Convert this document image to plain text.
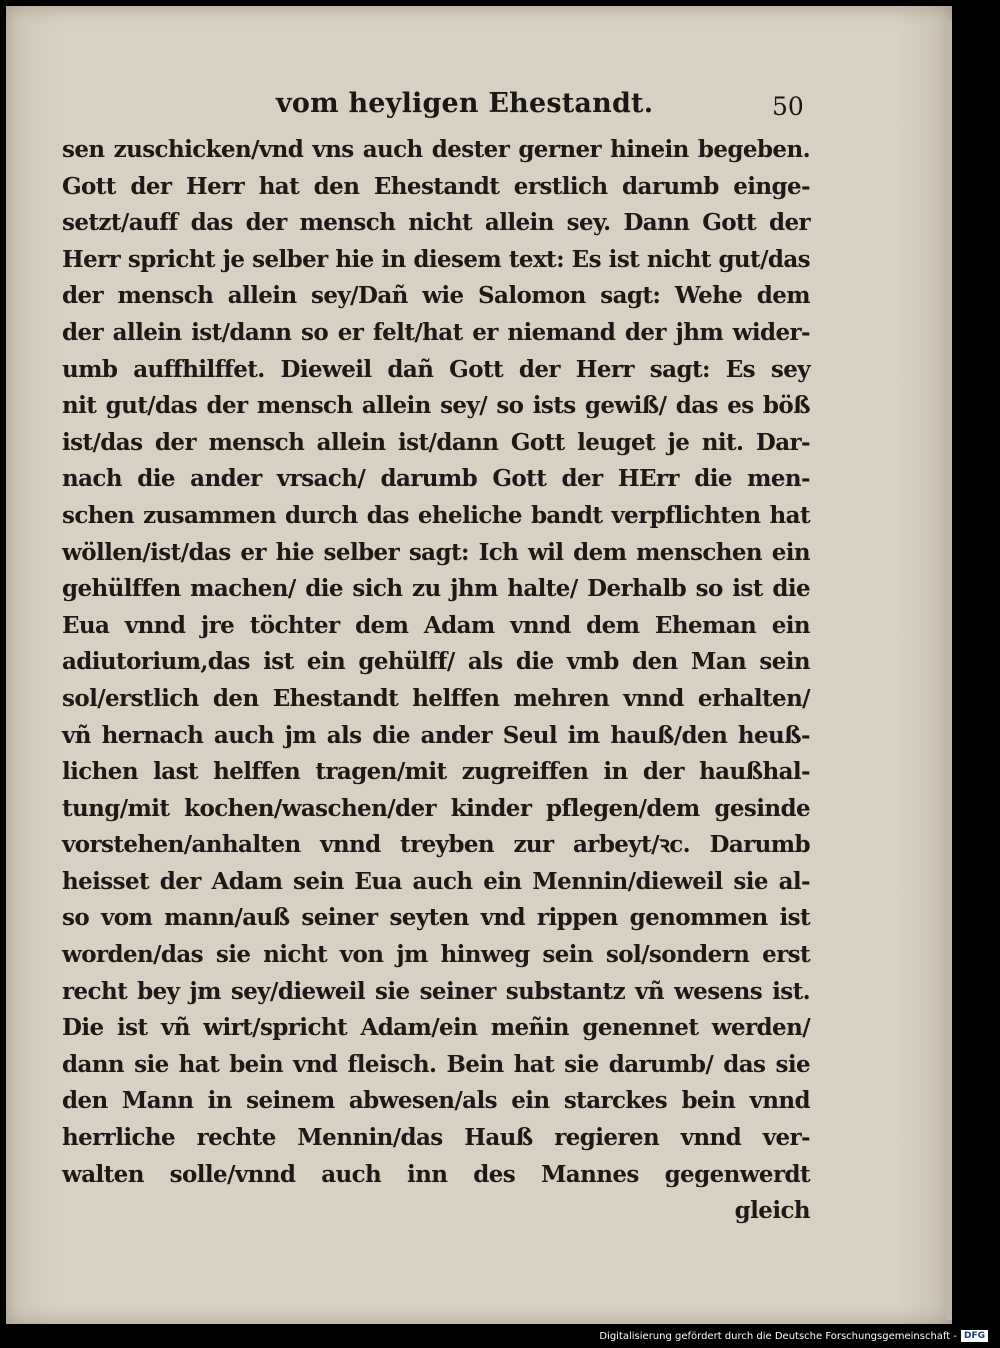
vom heyligen Ehestandt.	50
sen zuschicken/vnd vns auch dester gerner hinein begeben.
Gott der Herr hat den Ehestandt erstlich darumb einge-
setzt/auff das der mensch nicht allein sey. Dann Gott der
Herr spricht je selber hie in diesem text: Es ist nicht gut/das
der mensch allein sey/Dañ wie Salomon sagt: Wehe dem
der allein ist/dann so er felt/hat er niemand der jhm wider-
umb auffhilffet. Dieweil dañ Gott der Herr sagt: Es sey
nit gut/das der mensch allein sey/ so ists gewiß/ das es böß
ist/das der mensch allein ist/dann Gott leuget je nit. Dar-
nach die ander vrsach/ darumb Gott der HErr die men-
schen zusammen durch das eheliche bandt verpflichten hat
wöllen/ist/das er hie selber sagt: Ich wil dem menschen ein
gehülffen machen/ die sich zu jhm halte/ Derhalb so ist die
Eua vnnd jre töchter dem Adam vnnd dem Eheman ein
adiutorium,das ist ein gehülff/ als die vmb den Man sein
sol/erstlich den Ehestandt helffen mehren vnnd erhalten/
vñ hernach auch jm als die ander Seul im hauß/den heuß-
lichen last helffen tragen/mit zugreiffen in der haußhal-
tung/mit kochen/waschen/der kinder pflegen/dem gesinde
vorstehen/anhalten vnnd treyben zur arbeyt/ꝛc. Darumb
heisset der Adam sein Eua auch ein Mennin/dieweil sie al-
so vom mann/auß seiner seyten vnd rippen genommen ist
worden/das sie nicht von jm hinweg sein sol/sondern erst
recht bey jm sey/dieweil sie seiner substantz vñ wesens ist.
Die ist vñ wirt/spricht Adam/ein meñin genennet werden/
dann sie hat bein vnd fleisch. Bein hat sie darumb/ das sie
den Mann in seinem abwesen/als ein starckes bein vnnd
herrliche rechte Mennin/das Hauß regieren vnnd ver-
walten solle/vnnd auch inn des Mannes gegenwerdt
gleich
Digitalisierung gefördert durch die Deutsche Forschungsgemeinschaft - DFG
